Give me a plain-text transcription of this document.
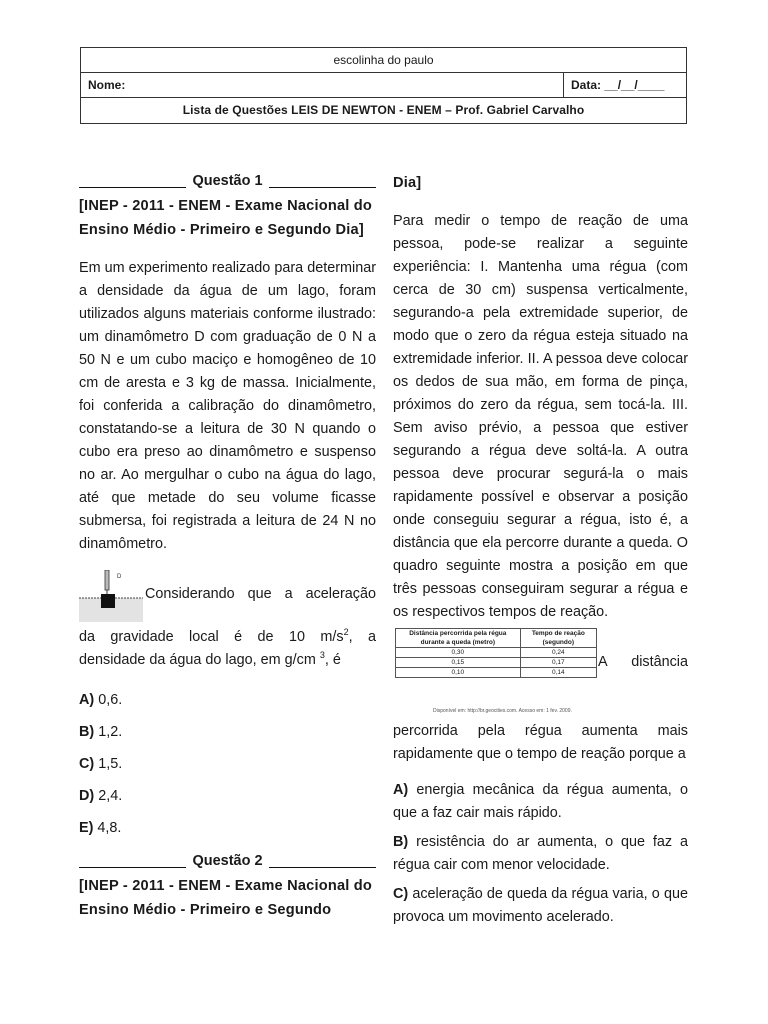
escolinha do paulo
Nome:	Data: __/__/____
Lista de Questões LEIS DE NEWTON - ENEM – Prof. Gabriel Carvalho
Questão 1
[INEP - 2011 - ENEM - Exame Nacional do Ensino Médio - Primeiro e Segundo Dia]

Em um experimento realizado para determinar a densidade da água de um lago, foram utilizados alguns materiais conforme ilustrado: um dinamômetro D com graduação de 0 N a 50 N e um cubo maciço e homogêneo de 10 cm de aresta e 3 kg de massa. Inicialmente, foi conferida a calibração do dinamômetro, constatando-se a leitura de 30 N quando o cubo era preso ao dinamômetro e suspenso no ar. Ao mergulhar o cubo na água do lago, até que metade do seu volume ficasse submersa, foi registrada a leitura de 24 N no dinamômetro.

D
Considerando que a aceleração

da gravidade local é de 10 $m/s^2$, a

densidade da água do lago, em g/cm $^3$, é

A) 0,6.
B) 1,2.
C) 1,5.
D) 2,4.
E) 4,8.
Questão 2
[INEP - 2011 - ENEM - Exame Nacional do Ensino Médio - Primeiro e Segundo
Dia]

Para medir o tempo de reação de uma pessoa, pode-se realizar a seguinte experiência: I. Mantenha uma régua (com cerca de 30 cm) suspensa verticalmente, segurando-a pela extremidade superior, de modo que o zero da régua esteja situado na extremidade inferior. II. A pessoa deve colocar os dedos de sua mão, em forma de pinça, próximos do zero da régua, sem tocá-la. III. Sem aviso prévio, a pessoa que estiver segurando a régua deve soltá-la. A outra pessoa deve procurar segurá-la o mais rapidamente possível e observar a posição onde conseguiu segurar a régua, isto é, a distância que ela percorre durante a queda. O quadro seguinte mostra a posição em que três pessoas conseguiram segurar a régua e os respectivos tempos de reação.

Distância percorrida pela régua durante a queda (metro)	Tempo de reação (segundo)
0,30	0,24
0,15	0,17
0,10	0,14
Disponível em: http://br.geocities.com. Acesso em: 1 fev. 2009.
A distância

percorrida pela régua aumenta mais rapidamente que o tempo de reação porque a

A) energia mecânica da régua aumenta, o que a faz cair mais rápido.
B) resistência do ar aumenta, o que faz a régua cair com menor velocidade.
C) aceleração de queda da régua varia, o que provoca um movimento acelerado.
